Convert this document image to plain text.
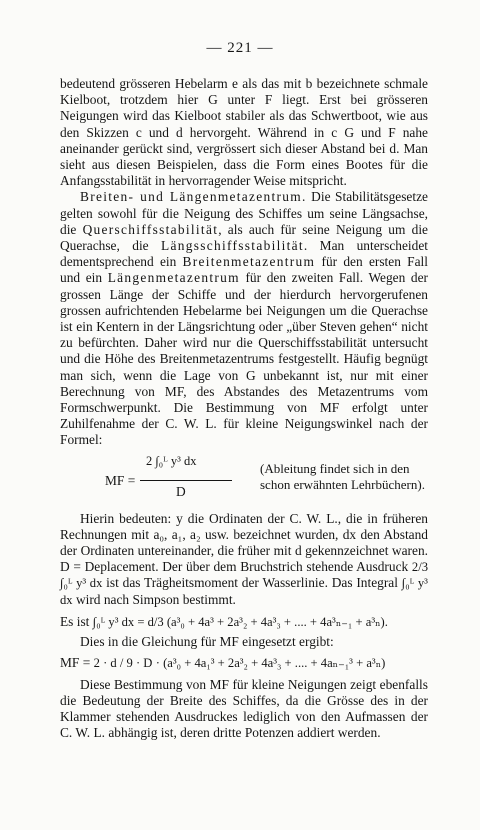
— 221 —

bedeutend grösseren Hebelarm e als das mit b bezeichnete schmale Kielboot, trotzdem hier G unter F liegt. Erst bei grösseren Neigungen wird das Kielboot stabiler als das Schwertboot, wie aus den Skizzen c und d hervorgeht. Während in c G und F nahe aneinander gerückt sind, vergrössert sich dieser Abstand bei d. Man sieht aus diesen Beispielen, dass die Form eines Bootes für die Anfangsstabilität in hervorragender Weise mitspricht.

Breiten- und Längenmetazentrum. Die Stabilitätsgesetze gelten sowohl für die Neigung des Schiffes um seine Längsachse, die Querschiffsstabilität, als auch für seine Neigung um die Querachse, die Längsschiffsstabilität. Man unterscheidet dementsprechend ein Breitenmetazentrum für den ersten Fall und ein Längenmetazentrum für den zweiten Fall. Wegen der grossen Länge der Schiffe und der hierdurch hervorgerufenen grossen aufrichtenden Hebelarme bei Neigungen um die Querachse ist ein Kentern in der Längsrichtung oder „über Steven gehen“ nicht zu befürchten. Daher wird nur die Querschiffsstabilität untersucht und die Höhe des Breitenmetazentrums festgestellt. Häufig begnügt man sich, wenn die Lage von G unbekannt ist, nur mit einer Berechnung von MF, des Abstandes des Metazentrums vom Formschwerpunkt. Die Bestimmung von MF erfolgt unter Zuhilfenahme der C. W. L. für kleine Neigungswinkel nach der Formel:

MF =
2 ∫₀ᴸ y³ dx
D
(Ableitung findet sich in den schon erwähnten Lehrbüchern).

Hierin bedeuten: y die Ordinaten der C. W. L., die in früheren Rechnungen mit a₀, a₁, a₂ usw. bezeichnet wurden, dx den Abstand der Ordinaten untereinander, die früher mit d gekennzeichnet waren. D = Deplacement. Der über dem Bruchstrich stehende Ausdruck 2/3 ∫₀ᴸ y³ dx ist das Trägheitsmoment der Wasserlinie. Das Integral ∫₀ᴸ y³ dx wird nach Simpson bestimmt.

Es ist ∫₀ᴸ y³ dx = d/3 (a³₀ + 4a³ + 2a³₂ + 4a³₃ + .... + 4a³ₙ₋₁ + a³ₙ).

Dies in die Gleichung für MF eingesetzt ergibt:

MF = 2 · d / 9 · D · (a³₀ + 4a₁³ + 2a³₂ + 4a³₃ + .... + 4aₙ₋₁³ + a³ₙ)

Diese Bestimmung von MF für kleine Neigungen zeigt ebenfalls die Bedeutung der Breite des Schiffes, da die Grösse des in der Klammer stehenden Ausdruckes lediglich von den Aufmassen der C. W. L. abhängig ist, deren dritte Potenzen addiert werden.
